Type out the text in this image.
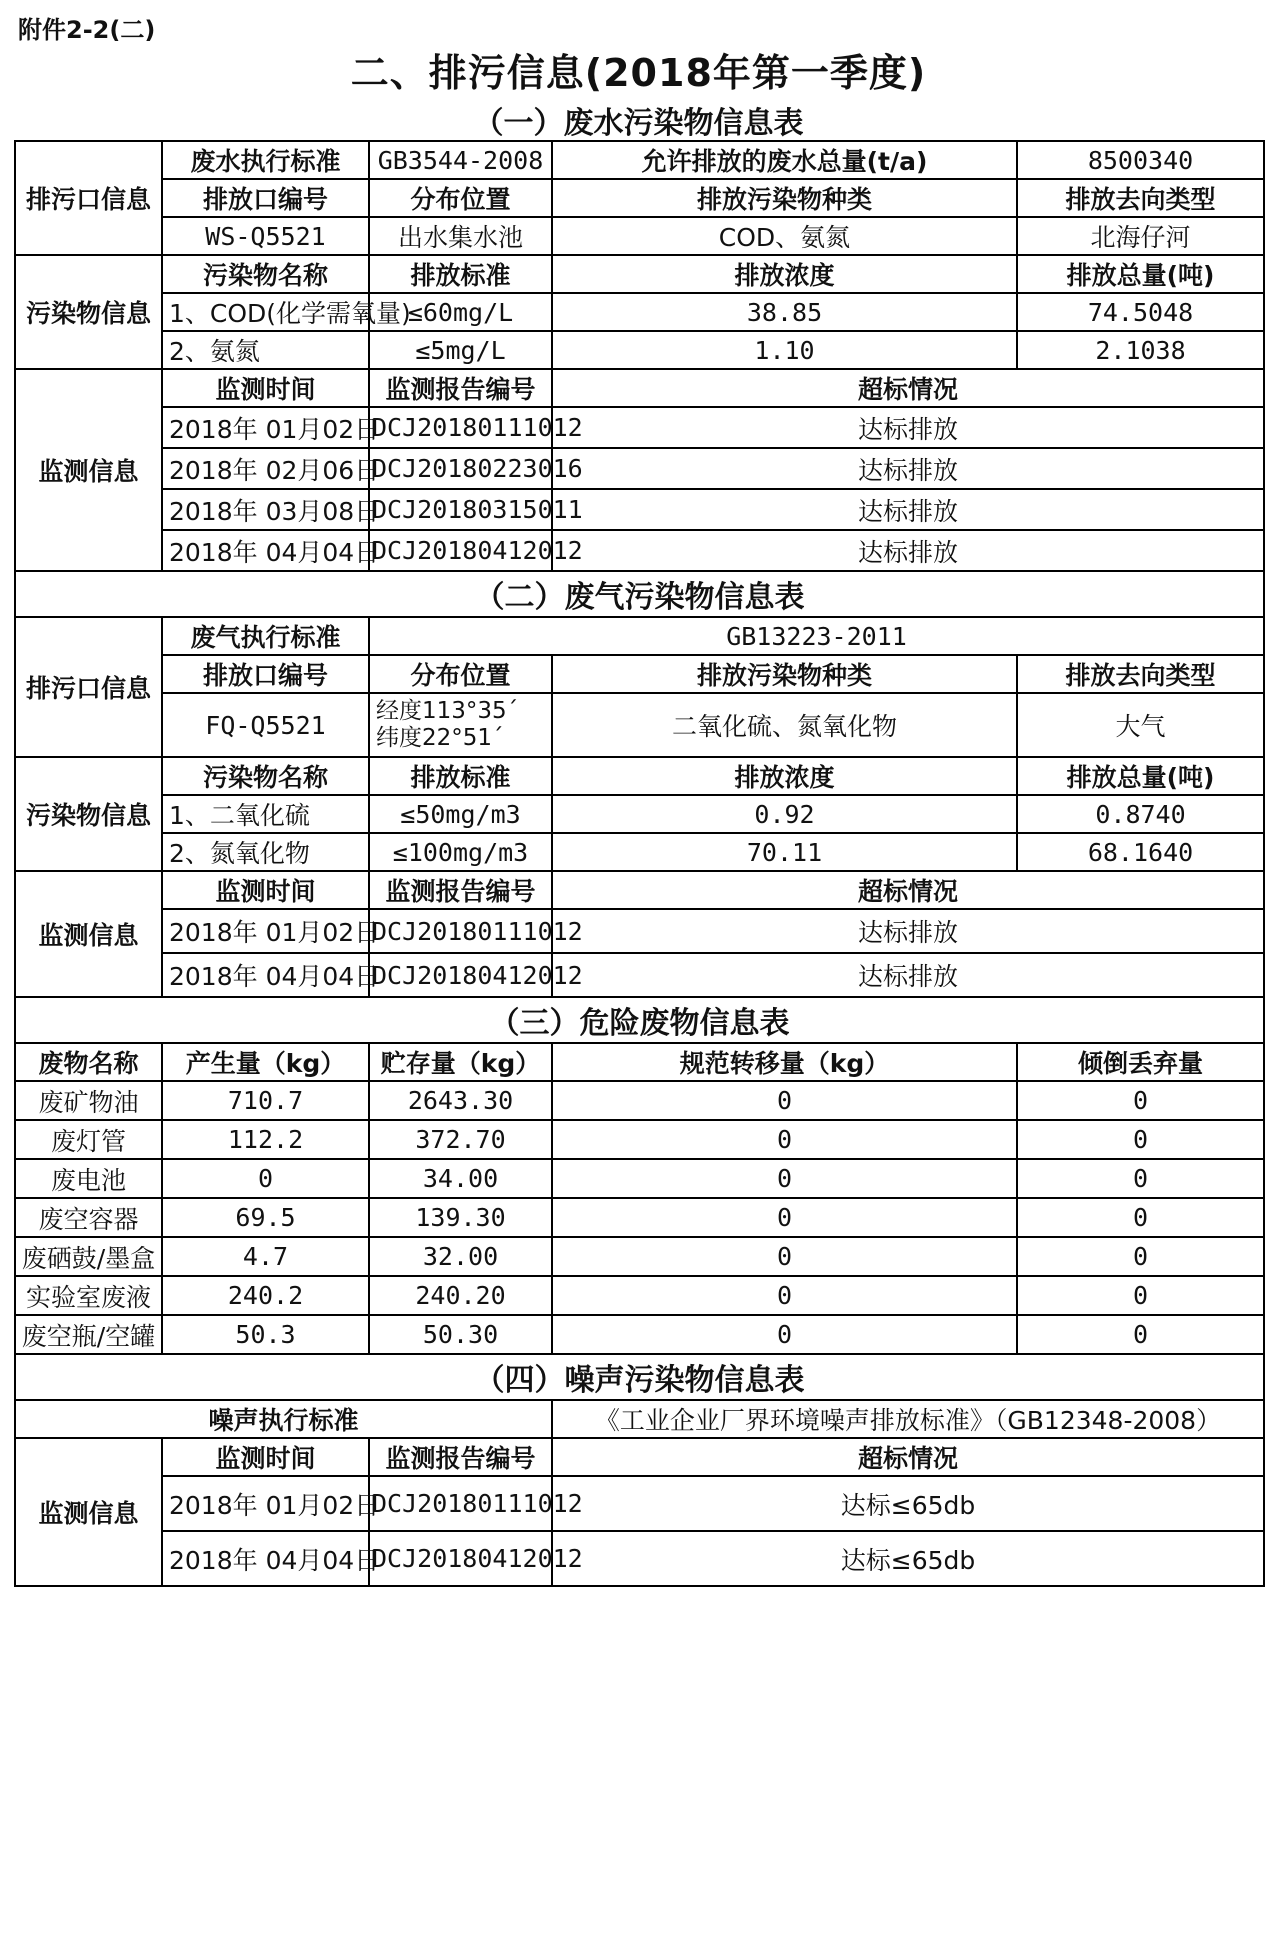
附件2-2(二)
二、排污信息(2018年第一季度)
（一）废水污染物信息表
排污口信息	废水执行标准	GB3544-2008	允许排放的废水总量(t/a)	8500340
	排放口编号	分布位置	排放污染物种类	排放去向类型
	WS-Q5521	出水集水池	COD、氨氮	北海仔河
污染物信息	污染物名称	排放标准	排放浓度	排放总量(吨)
	1、COD(化学需氧量)	≤60mg/L	38.85	74.5048
	2、氨氮	≤5mg/L	1.10	2.1038
监测信息	监测时间	监测报告编号	超标情况	
	2018年 01月02日	DCJ20180111012	达标排放	
	2018年 02月06日	DCJ20180223016	达标排放	
	2018年 03月08日	DCJ20180315011	达标排放	
	2018年 04月04日	DCJ20180412012	达标排放	
（二）废气污染物信息表				
排污口信息	废气执行标准	GB13223-2011		
	排放口编号	分布位置	排放污染物种类	排放去向类型
	FQ-Q5521	经度113°35´
纬度22°51´	二氧化硫、氮氧化物	大气
污染物信息	污染物名称	排放标准	排放浓度	排放总量(吨)
	1、二氧化硫	≤50mg/m3	0.92	0.8740
	2、氮氧化物	≤100mg/m3	70.11	68.1640
监测信息	监测时间	监测报告编号	超标情况	
	2018年 01月02日	DCJ20180111012	达标排放	
	2018年 04月04日	DCJ20180412012	达标排放	
（三）危险废物信息表				
废物名称	产生量（kg）	贮存量（kg）	规范转移量（kg）	倾倒丢弃量
废矿物油	710.7	2643.30	0	0
废灯管	112.2	372.70	0	0
废电池	0	34.00	0	0
废空容器	69.5	139.30	0	0
废硒鼓/墨盒	4.7	32.00	0	0
实验室废液	240.2	240.20	0	0
废空瓶/空罐	50.3	50.30	0	0
（四）噪声污染物信息表				
噪声执行标准			《工业企业厂界环境噪声排放标准》（GB12348-2008）	
监测信息	监测时间	监测报告编号	超标情况	
	2018年 01月02日	DCJ20180111012	达标≤65db	
	2018年 04月04日	DCJ20180412012	达标≤65db	
